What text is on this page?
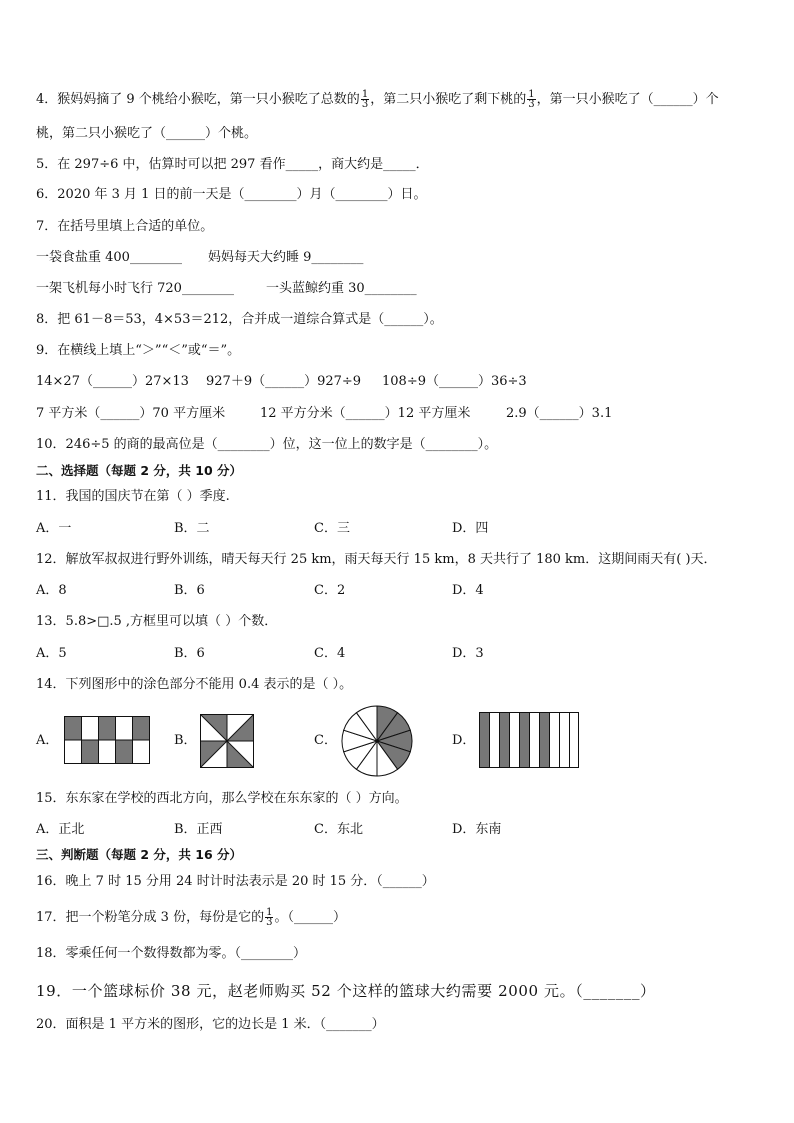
4．猴妈妈摘了 9 个桃给小猴吃，第一只小猴吃了总数的 $\frac{1}{3}$ ，第二只小猴吃了剩下桃的 $\frac{1}{3}$ ，第一只小猴吃了（______）个
桃，第二只小猴吃了（______）个桃。
5．在 297÷6 中，估算时可以把 297 看作_____，商大约是_____．
6．2020 年 3 月 1 日的前一天是（________）月（________）日。
7．在括号里填上合适的单位。
一袋食盐重 400________ 妈妈每天大约睡 9________
一架飞机每小时飞行 720________ 一头蓝鲸约重 30________
8．把 61－8＝53，4×53＝212，合并成一道综合算式是（______）。
9．在横线上填上“＞”“＜”或“＝”。
14×27（______）27×13 927＋9（______）927÷9 108÷9（______）36÷3
7 平方米（______）70 平方厘米	12 平方分米（______）12 平方厘米	2.9（______）3.1
10．246÷5 的商的最高位是（________）位，这一位上的数字是（________）。
二、选择题（每题 2 分，共 10 分）
11．我国的国庆节在第（ ）季度.
A．一	B．二	C．三	D．四
12．解放军叔叔进行野外训练，晴天每天行 25 km，雨天每天行 15 km，8 天共行了 180 km．这期间雨天有( )天．
A．8	B．6	C．2	D．4
13．5.8>□.5 ,方框里可以填（ ）个数．
A．5	B．6	C．4	D．3
14．下列图形中的涂色部分不能用 0.4 表示的是（ ）。
A．	B．	C．	D．
15．东东家在学校的西北方向，那么学校在东东家的（ ）方向。
A．正北	B．正西	C．东北	D．东南
三、判断题（每题 2 分，共 16 分）
16．晚上 7 时 15 分用 24 时计时法表示是 20 时 15 分．（______）
17．把一个粉笔分成 3 份，每份是它的 $\frac{1}{3}$ 。（______）
18．零乘任何一个数得数都为零。（________）
19．一个篮球标价 38 元，赵老师购买 52 个这样的篮球大约需要 2000 元。（_______）
20．面积是 1 平方米的图形，它的边长是 1 米．（_______）
